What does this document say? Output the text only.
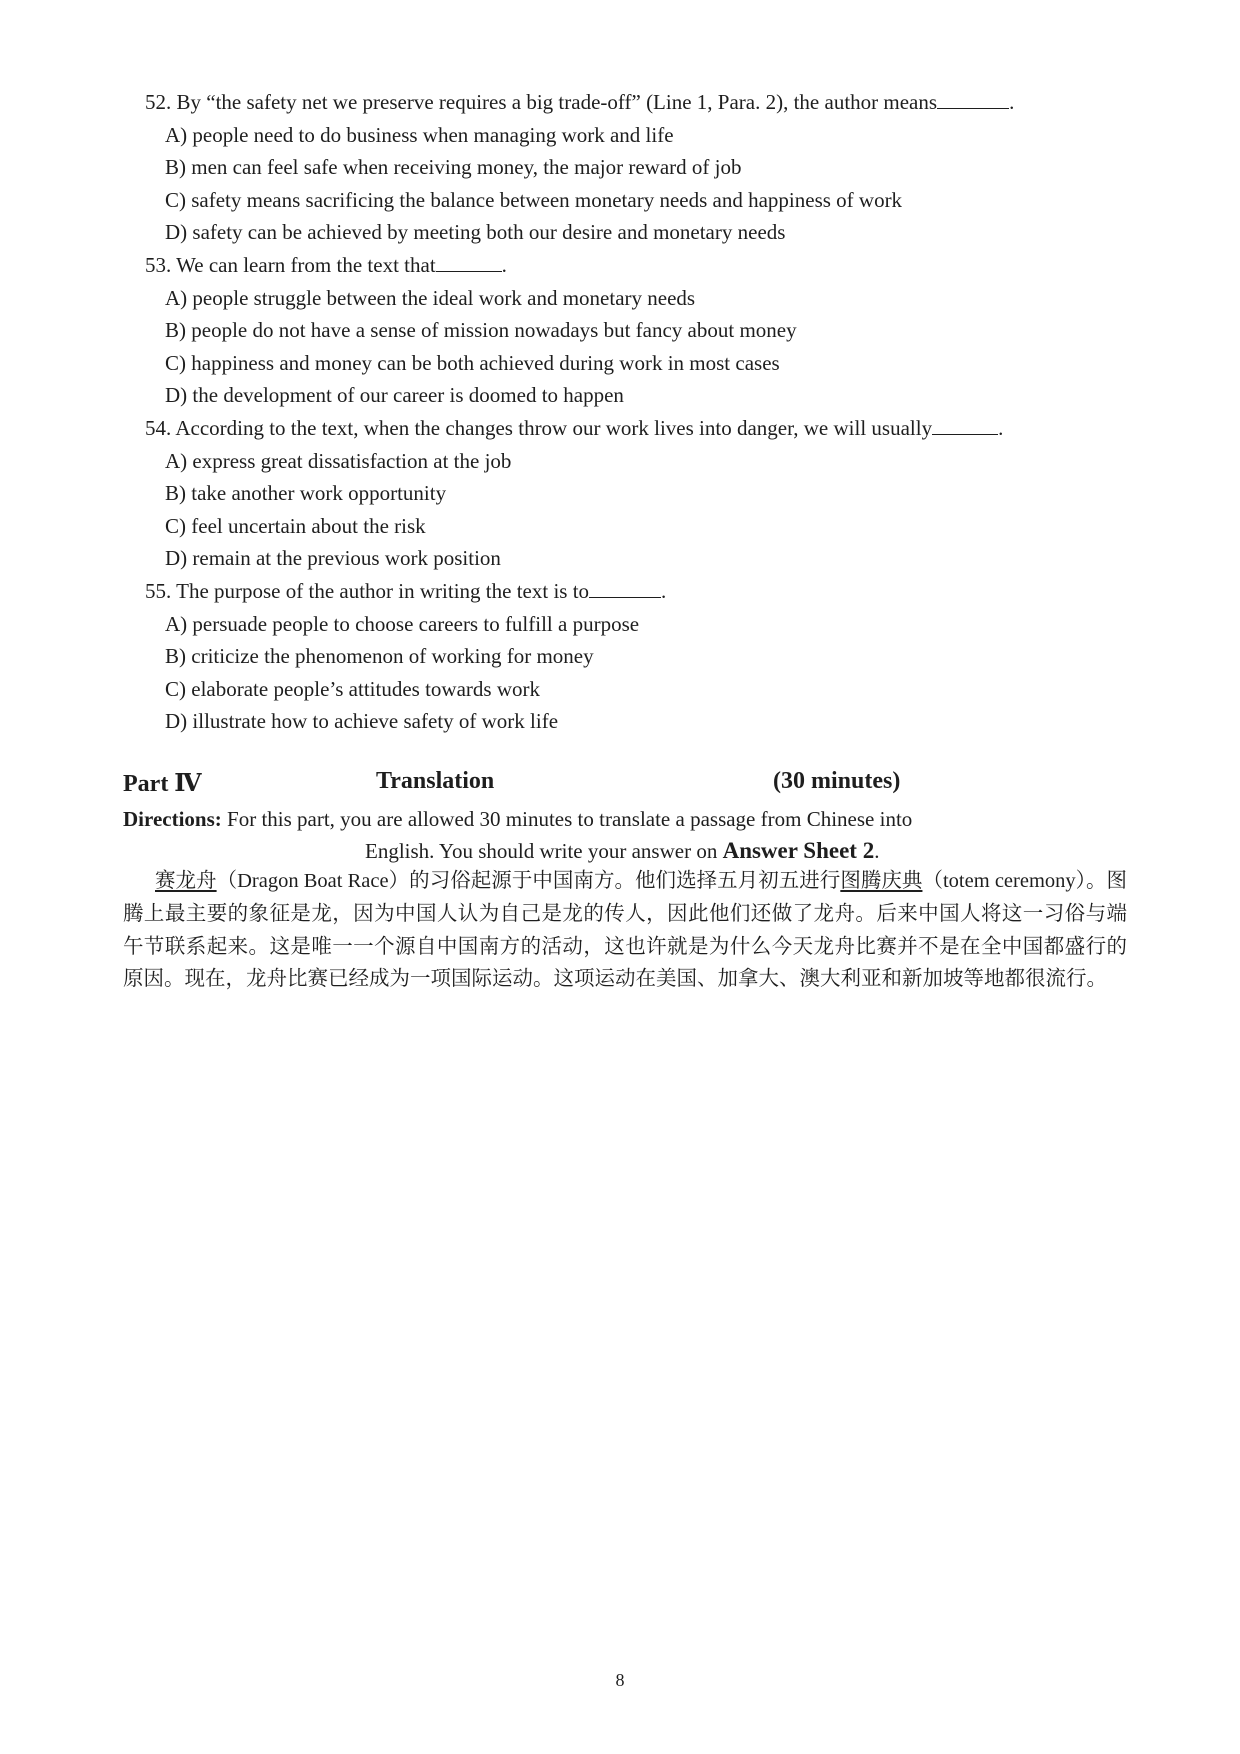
52. By “the safety net we preserve requires a big trade-off” (Line 1, Para. 2), the author means	.
A) people need to do business when managing work and life
B) men can feel safe when receiving money, the major reward of job
C) safety means sacrificing the balance between monetary needs and happiness of work
D) safety can be achieved by meeting both our desire and monetary needs
53. We can learn from the text that	.
A) people struggle between the ideal work and monetary needs
B) people do not have a sense of mission nowadays but fancy about money
C) happiness and money can be both achieved during work in most cases
D) the development of our career is doomed to happen
54. According to the text, when the changes throw our work lives into danger, we will usually	.
A) express great dissatisfaction at the job
B) take another work opportunity
C) feel uncertain about the risk
D) remain at the previous work position
55. The purpose of the author in writing the text is to	.
A) persuade people to choose careers to fulfill a purpose
B) criticize the phenomenon of working for money
C) elaborate people’s attitudes towards work
D) illustrate how to achieve safety of work life
Part Ⅳ	Translation	(30 minutes)
Directions: For this part, you are allowed 30 minutes to translate a passage from Chinese into
English. You should write your answer on Answer Sheet 2.
赛龙舟（Dragon Boat Race）的习俗起源于中国南方。他们选择五月初五进行图腾庆典（totem ceremony）。图腾上最主要的象征是龙，因为中国人认为自己是龙的传人，因此他们还做了龙舟。后来中国人将这一习俗与端午节联系起来。这是唯一一个源自中国南方的活动，这也许就是为什么今天龙舟比赛并不是在全中国都盛行的原因。现在，龙舟比赛已经成为一项国际运动。这项运动在美国、加拿大、澳大利亚和新加坡等地都很流行。
8
